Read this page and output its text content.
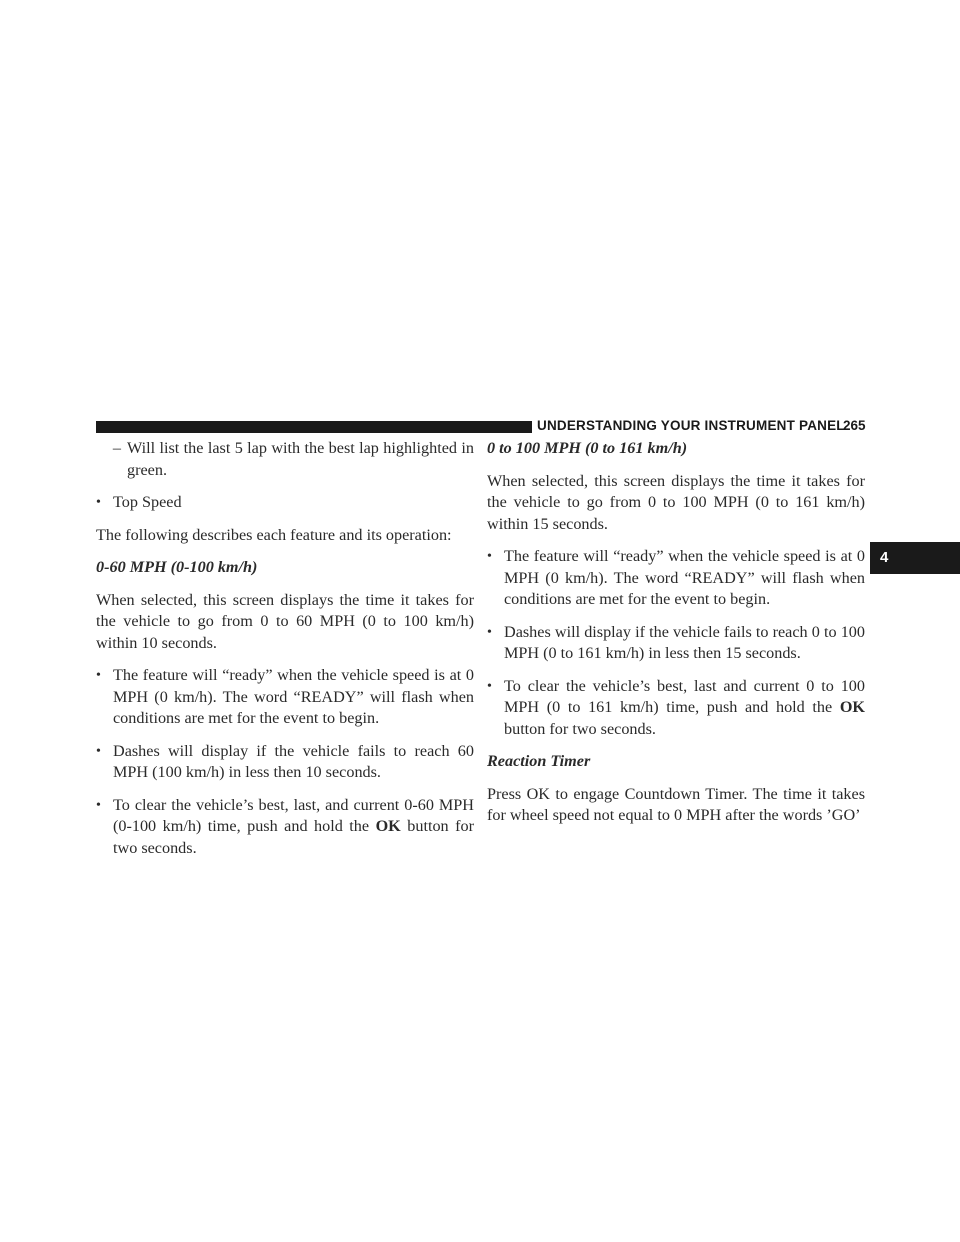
UNDERSTANDING YOUR INSTRUMENT PANEL
265
4
– Will list the last 5 lap with the best lap highlighted in green.
• Top Speed

The following describes each feature and its operation:

0-60 MPH (0-100 km/h)

When selected, this screen displays the time it takes for the vehicle to go from 0 to 60 MPH (0 to 100 km/h) within 10 seconds.

• The feature will “ready” when the vehicle speed is at 0 MPH (0 km/h). The word “READY” will flash when conditions are met for the event to begin.
• Dashes will display if the vehicle fails to reach 60 MPH (100 km/h) in less then 10 seconds.
• To clear the vehicle’s best, last, and current 0-60 MPH (0-100 km/h) time, push and hold the OK button for two seconds.

0 to 100 MPH (0 to 161 km/h)

When selected, this screen displays the time it takes for the vehicle to go from 0 to 100 MPH (0 to 161 km/h) within 15 seconds.

• The feature will “ready” when the vehicle speed is at 0 MPH (0 km/h). The word “READY” will flash when conditions are met for the event to begin.
• Dashes will display if the vehicle fails to reach 0 to 100 MPH (0 to 161 km/h) in less then 15 seconds.
• To clear the vehicle’s best, last and current 0 to 100 MPH (0 to 161 km/h) time, push and hold the OK button for two seconds.

Reaction Timer

Press OK to engage Countdown Timer. The time it takes for wheel speed not equal to 0 MPH after the words ’GO’
